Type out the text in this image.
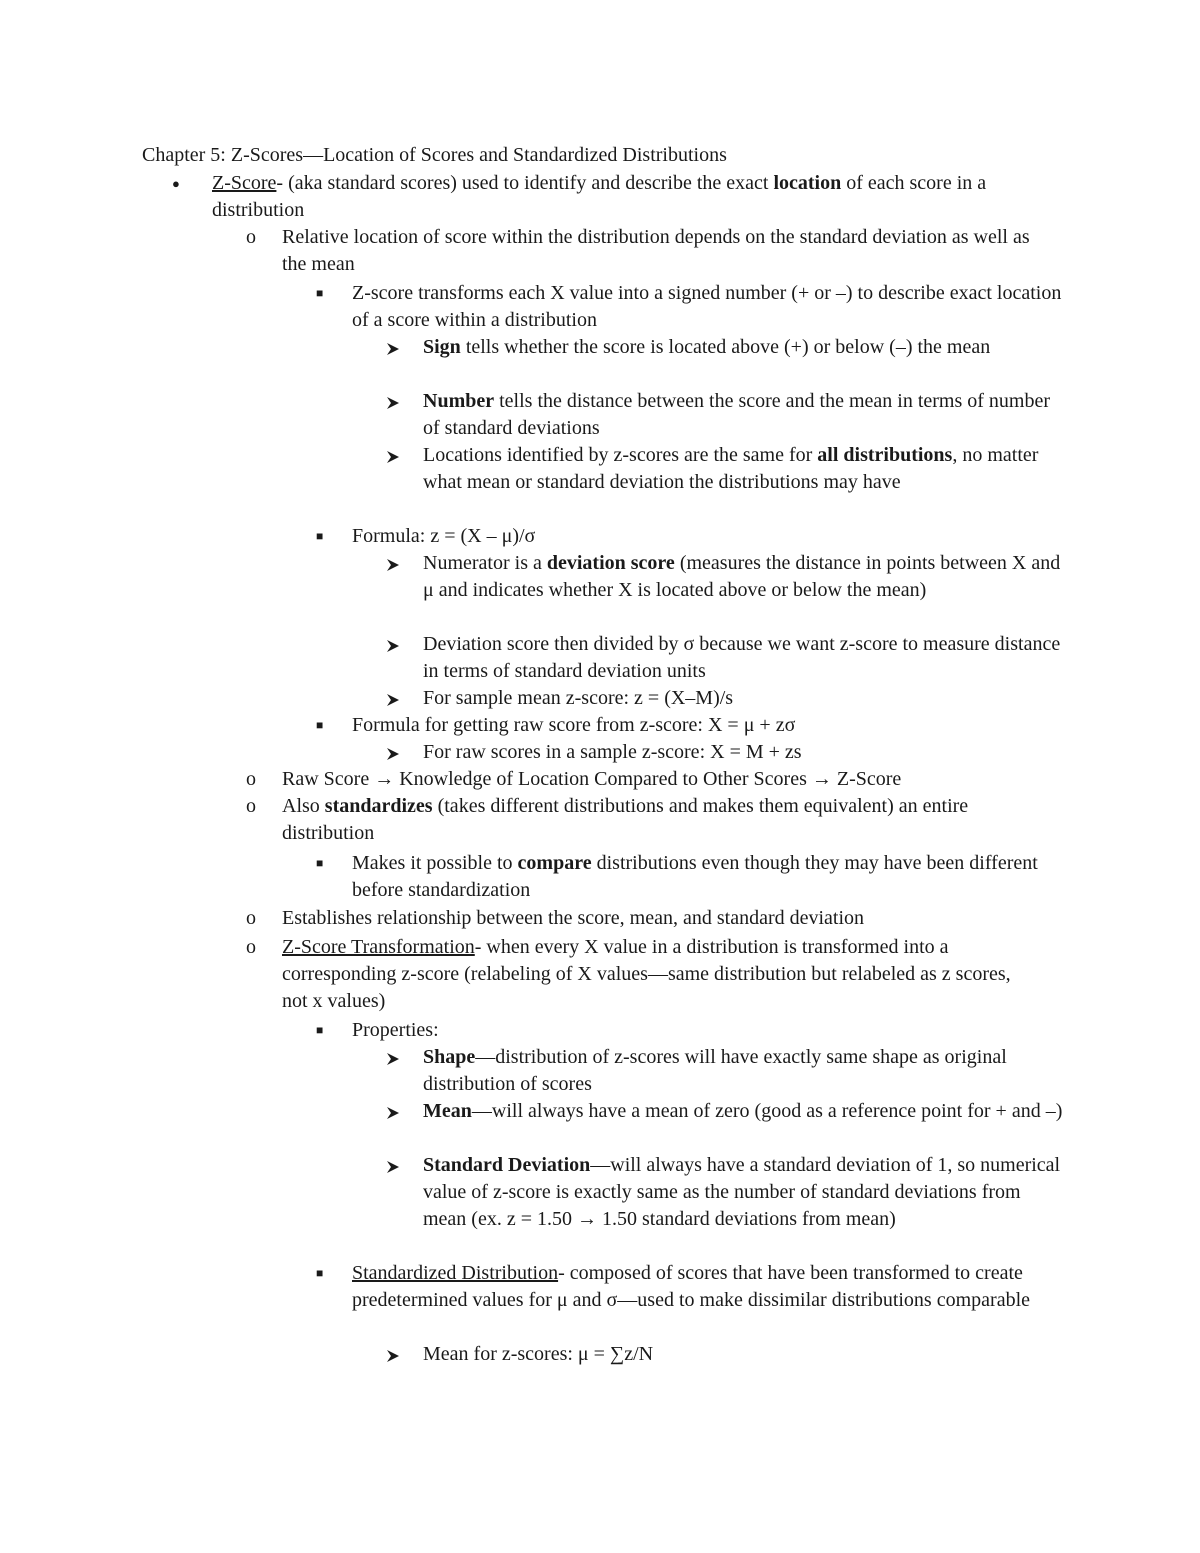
Chapter 5: Z-Scores—Location of Scores and Standardized Distributions
●	Z-Score- (aka standard scores) used to identify and describe the exact location of each score in a distribution
o	Relative location of score within the distribution depends on the standard deviation as well as the mean
■	Z-score transforms each X value into a signed number (+ or –) to describe exact location of a score within a distribution
Sign tells whether the score is located above (+) or below (–) the mean
Number tells the distance between the score and the mean in terms of number of standard deviations
Locations identified by z-scores are the same for all distributions, no matter what mean or standard deviation the distributions may have
■	Formula: z = (X – μ)/σ
Numerator is a deviation score (measures the distance in points between X and μ and indicates whether X is located above or below the mean)
Deviation score then divided by σ because we want z-score to measure distance in terms of standard deviation units
For sample mean z-score: z = (X–M)/s
■	Formula for getting raw score from z-score: X = μ + zσ
For raw scores in a sample z-score: X = M + zs
o	Raw Score → Knowledge of Location Compared to Other Scores → Z-Score
o	Also standardizes (takes different distributions and makes them equivalent) an entire distribution
■	Makes it possible to compare distributions even though they may have been different before standardization
o	Establishes relationship between the score, mean, and standard deviation
o	Z-Score Transformation- when every X value in a distribution is transformed into a corresponding z-score (relabeling of X values—same distribution but relabeled as z scores, not x values)
■	Properties:
Shape—distribution of z-scores will have exactly same shape as original distribution of scores
Mean—will always have a mean of zero (good as a reference point for + and –)
Standard Deviation—will always have a standard deviation of 1, so numerical value of z-score is exactly same as the number of standard deviations from mean (ex. z = 1.50 → 1.50 standard deviations from mean)
■	Standardized Distribution- composed of scores that have been transformed to create predetermined values for μ and σ—used to make dissimilar distributions comparable
Mean for z-scores: μ = ∑z/N
